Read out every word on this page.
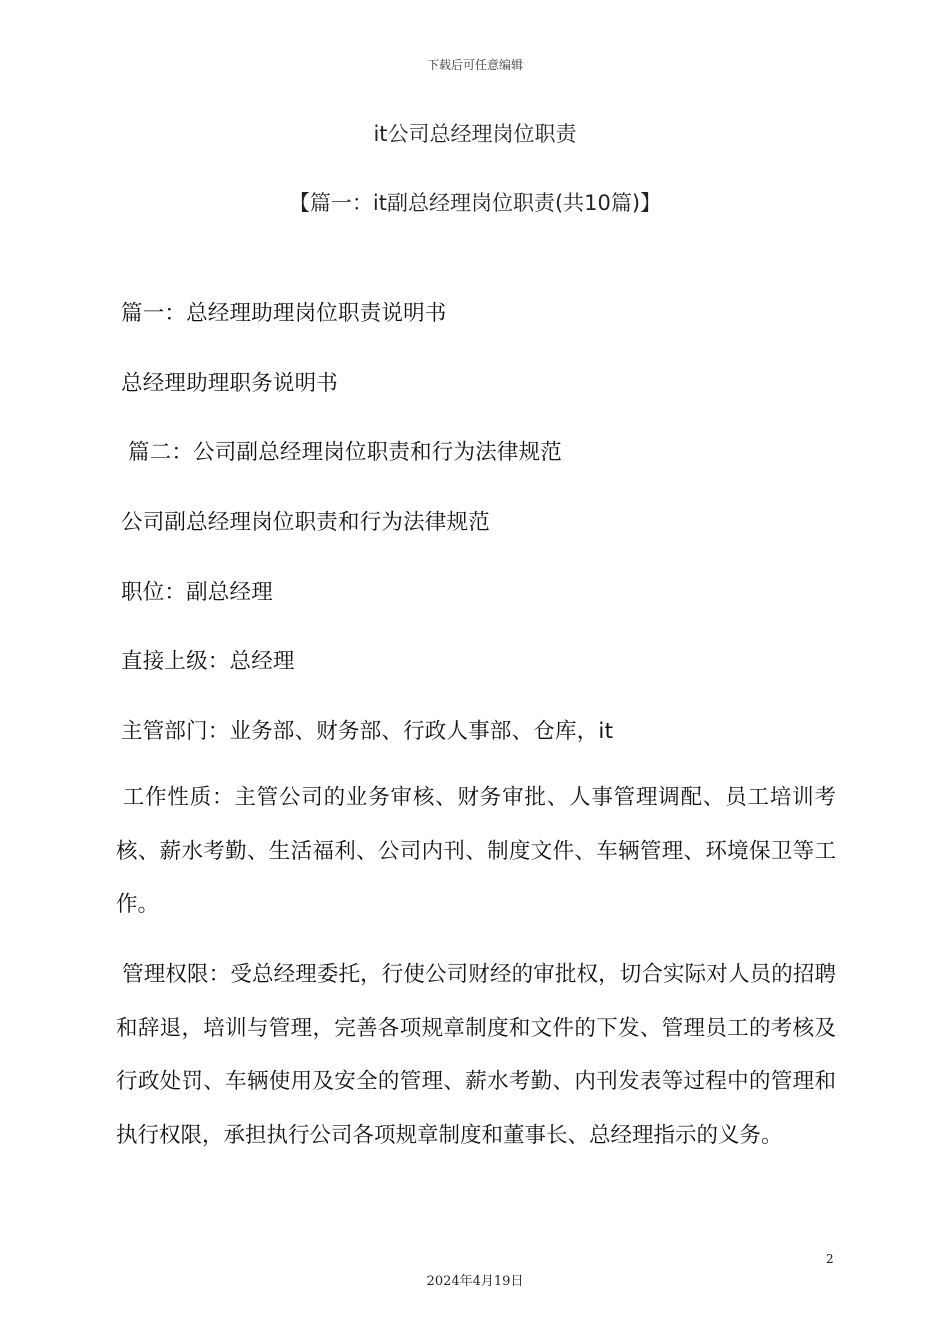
下载后可任意编辑
it公司总经理岗位职责
【篇一：it副总经理岗位职责(共10篇)】
篇一：总经理助理岗位职责说明书
总经理助理职务说明书
篇二：公司副总经理岗位职责和行为法律规范
公司副总经理岗位职责和行为法律规范
职位：副总经理
直接上级：总经理
主管部门：业务部、财务部、行政人事部、仓库，it
工作性质：主管公司的业务审核、财务审批、人事管理调配、员工培训考核、薪水考勤、生活福利、公司内刊、制度文件、车辆管理、环境保卫等工作。
管理权限：受总经理委托，行使公司财经的审批权，切合实际对人员的招聘和辞退，培训与管理，完善各项规章制度和文件的下发、管理员工的考核及行政处罚、车辆使用及安全的管理、薪水考勤、内刊发表等过程中的管理和执行权限，承担执行公司各项规章制度和董事长、总经理指示的义务。
2
2024年4月19日
